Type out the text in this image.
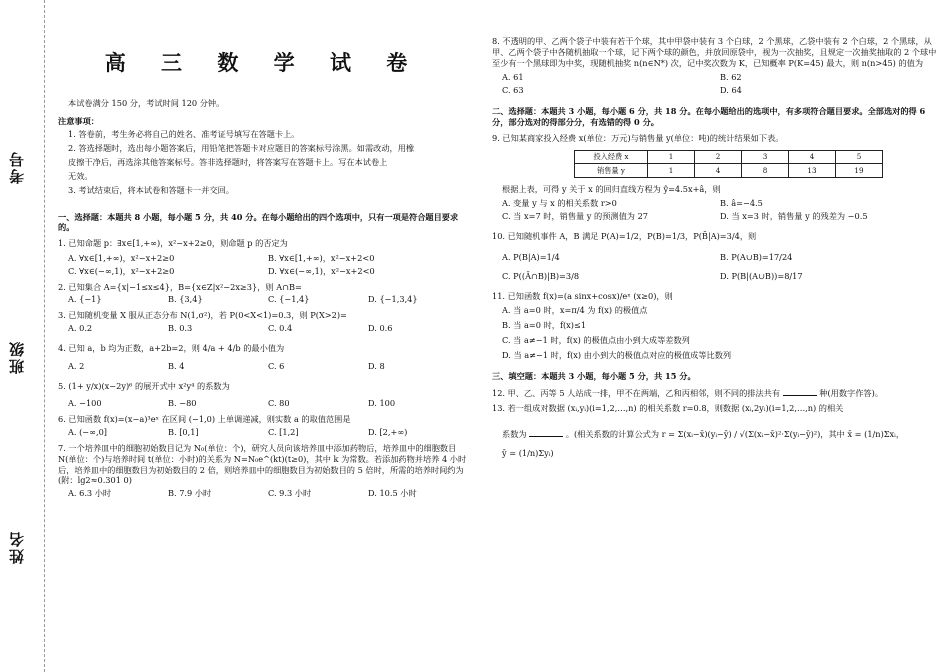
考号
班级
姓名
高 三 数 学 试 卷
本试卷满分 150 分，考试时间 120 分钟。
注意事项：
1. 答卷前，考生务必将自己的姓名、准考证号填写在答题卡上。
2. 答选择题时，选出每小题答案后，用铅笔把答题卡对应题目的答案标号涂黑。如需改动，用橡
皮擦干净后，再选涂其他答案标号。答非选择题时，将答案写在答题卡上。写在本试卷上
无效。
3. 考试结束后，将本试卷和答题卡一并交回。
一、选择题：本题共 8 小题，每小题 5 分，共 40 分。在每小题给出的四个选项中，只有一项是符合题目要求的。
1. 已知命题 p：∃x∈[1,+∞)，x²−x+2≥0，则命题 p 的否定为
A. ∀x∈[1,+∞)，x²−x+2≥0	B. ∀x∈[1,+∞)，x²−x+2<0
C. ∀x∈(−∞,1)，x²−x+2≥0	D. ∀x∈(−∞,1)，x²−x+2<0
2. 已知集合 A={x|−1≤x≤4}，B={x∈Z|x²−2x≥3}，则 A∩B=
A. {−1}	B. {3,4}	C. {−1,4}	D. {−1,3,4}
3. 已知随机变量 X 服从正态分布 N(1,σ²)，若 P(0<X<1)=0.3，则 P(X>2)=
A. 0.2	B. 0.3	C. 0.4	D. 0.6
4. 已知 a，b 均为正数，a+2b=2，则 4/a + 4/b 的最小值为
A. 2	B. 4	C. 6	D. 8
5. (1+ y/x)(x−2y)⁶ 的展开式中 x²y⁴ 的系数为
A. −100	B. −80	C. 80	D. 100
6. 已知函数 f(x)=(x−a)³eˣ 在区间 (−1,0) 上单调递减，则实数 a 的取值范围是
A. (−∞,0]	B. [0,1]	C. [1,2]	D. [2,+∞)
7. 一个培养皿中的细胞初始数目记为 N₀(单位：个)，研究人员向该培养皿中添加药物后，培养皿中的细胞数目 N(单位：个)与培养时间 t(单位：小时)的关系为 N=N₀e^(kt)(t≥0)，其中 k 为常数。若添加药物并培养 4 小时后，培养皿中的细胞数目为初始数目的 2 倍，则培养皿中的细胞数目为初始数目的 5 倍时，所需的培养时间约为(附：lg2≈0.301 0)
A. 6.3 小时	B. 7.9 小时	C. 9.3 小时	D. 10.5 小时
8. 不透明的甲、乙两个袋子中装有若干个球，其中甲袋中装有 3 个白球，2 个黑球，乙袋中装有 2 个白球，2 个黑球，从甲、乙两个袋子中各随机抽取一个球，记下两个球的颜色，并放回原袋中，视为一次抽奖，且规定一次抽奖抽取的 2 个球中至少有一个黑球即为中奖，现随机抽奖 n(n∈N*) 次，记中奖次数为 K，已知概率 P(K=45) 最大，则 n(n>45) 的值为
A. 61	B. 62
C. 63	D. 64
二、选择题：本题共 3 小题，每小题 6 分，共 18 分。在每小题给出的选项中，有多项符合题目要求。全部选对的得 6 分，部分选对的得部分分，有选错的得 0 分。
9. 已知某商家投入经费 x(单位：万元)与销售量 y(单位：吨)的统计结果如下表。
投入经费 x	1	2	3	4	5
销售量 y	1	4	8	13	19
根据上表，可得 y 关于 x 的回归直线方程为 ŷ=4.5x+â，则
A. 变量 y 与 x 的相关系数 r>0	B. â=−4.5
C. 当 x=7 时，销售量 y 的预测值为 27	D. 当 x=3 时，销售量 y 的残差为 −0.5
10. 已知随机事件 A，B 满足 P(A)=1/2，P(B)=1/3，P(B̄|A)=3/4，则
A. P(B|A)=1/4	B. P(A∪B)=17/24
C. P((Ā∩B)|B)=3/8	D. P(B|(A∪B))=8/17
11. 已知函数 f(x)=(a sinx+cosx)/eˣ (x≥0)，则
A. 当 a=0 时，x=π/4 为 f(x) 的极值点
B. 当 a=0 时，f(x)≤1
C. 当 a≠−1 时，f(x) 的极值点由小到大成等差数列
D. 当 a≠−1 时，f(x) 由小到大的极值点对应的极值成等比数列
三、填空题：本题共 3 小题，每小题 5 分，共 15 分。
12. 甲、乙、丙等 5 人站成一排，甲不在两端，乙和丙相邻，则不同的排法共有	种(用数字作答)。
13. 若一组成对数据 (xᵢ,yᵢ)(i=1,2,…,n) 的相关系数 r=0.8，则数据 (xᵢ,2yᵢ)(i=1,2,…,n) 的相关
系数为	。(相关系数的计算公式为 r = Σ(xᵢ−x̄)(yᵢ−ȳ) / √(Σ(xᵢ−x̄)²·Σ(yᵢ−ȳ)²)，其中 x̄ = (1/n)Σxᵢ，
ȳ = (1/n)Σyᵢ)
